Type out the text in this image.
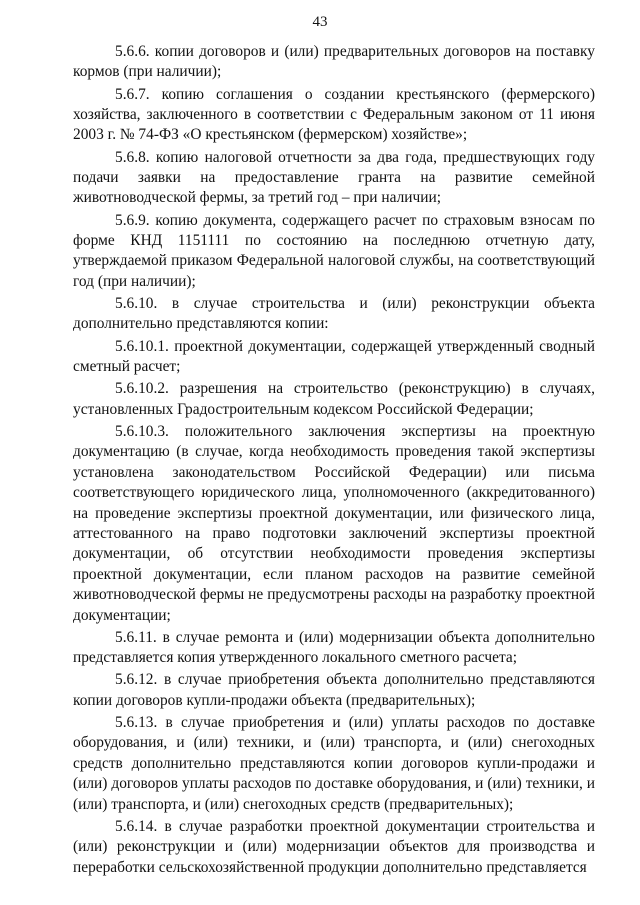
43

5.6.6. копии договоров и (или) предварительных договоров на поставку кормов (при наличии);

5.6.7. копию соглашения о создании крестьянского (фермерского) хозяйства, заключенного в соответствии с Федеральным законом от 11 июня 2003 г. № 74-ФЗ «О крестьянском (фермерском) хозяйстве»;

5.6.8. копию налоговой отчетности за два года, предшествующих году подачи заявки на предоставление гранта на развитие семейной животноводческой фермы, за третий год – при наличии;

5.6.9. копию документа, содержащего расчет по страховым взносам по форме КНД 1151111 по состоянию на последнюю отчетную дату, утверждаемой приказом Федеральной налоговой службы, на соответствующий год (при наличии);

5.6.10. в случае строительства и (или) реконструкции объекта дополнительно представляются копии:

5.6.10.1. проектной документации, содержащей утвержденный сводный сметный расчет;

5.6.10.2. разрешения на строительство (реконструкцию) в случаях, установленных Градостроительным кодексом Российской Федерации;

5.6.10.3. положительного заключения экспертизы на проектную документацию (в случае, когда необходимость проведения такой экспертизы установлена законодательством Российской Федерации) или письма соответствующего юридического лица, уполномоченного (аккредитованного) на проведение экспертизы проектной документации, или физического лица, аттестованного на право подготовки заключений экспертизы проектной документации, об отсутствии необходимости проведения экспертизы проектной документации, если планом расходов на развитие семейной животноводческой фермы не предусмотрены расходы на разработку проектной документации;

5.6.11. в случае ремонта и (или) модернизации объекта дополнительно представляется копия утвержденного локального сметного расчета;

5.6.12. в случае приобретения объекта дополнительно представляются копии договоров купли-продажи объекта (предварительных);

5.6.13. в случае приобретения и (или) уплаты расходов по доставке оборудования, и (или) техники, и (или) транспорта, и (или) снегоходных средств дополнительно представляются копии договоров купли-продажи и (или) договоров уплаты расходов по доставке оборудования, и (или) техники, и (или) транспорта, и (или) снегоходных средств (предварительных);

5.6.14. в случае разработки проектной документации строительства и (или) реконструкции и (или) модернизации объектов для производства и переработки сельскохозяйственной продукции дополнительно представляется
